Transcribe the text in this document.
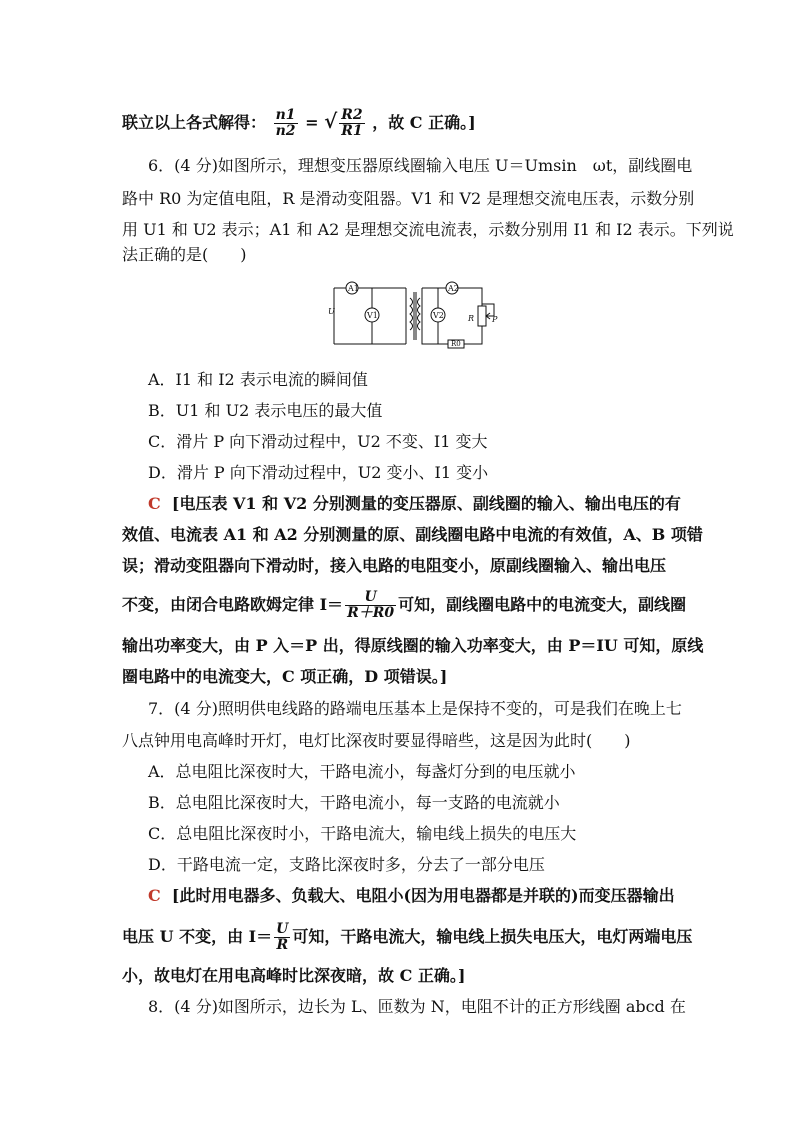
联立以上各式解得： $\frac{n1}{n2}$ = √ $\frac{R2}{R1}$ ，故 C 正确。]
6．(4 分)如图所示，理想变压器原线圈输入电压 U＝Umsin　ωt，副线圈电
路中 R0 为定值电阻，R 是滑动变阻器。V1 和 V2 是理想交流电压表，示数分别
用 U1 和 U2 表示；A1 和 A2 是理想交流电流表，示数分别用 I1 和 I2 表示。下列说
法正确的是(　　)
A1
V1
A2
V2
U
R P
R0
A．I1 和 I2 表示电流的瞬间值
B．U1 和 U2 表示电压的最大值
C．滑片 P 向下滑动过程中，U2 不变、I1 变大
D．滑片 P 向下滑动过程中，U2 变小、I1 变小
C [电压表 V1 和 V2 分别测量的变压器原、副线圈的输入、输出电压的有
效值、电流表 A1 和 A2 分别测量的原、副线圈电路中电流的有效值，A、B 项错
误；滑动变阻器向下滑动时，接入电路的电阻变小，原副线圈输入、输出电压
不变，由闭合电路欧姆定律 $I= \frac{U}{R+R0}$ 可知，副线圈电路中的电流变大，副线圈
输出功率变大，由 P 入＝P 出，得原线圈的输入功率变大，由 P＝IU 可知，原线
圈电路中的电流变大，C 项正确，D 项错误。]
7．(4 分)照明供电线路的路端电压基本上是保持不变的，可是我们在晚上七
八点钟用电高峰时开灯，电灯比深夜时要显得暗些，这是因为此时(　　)
A．总电阻比深夜时大，干路电流小，每盏灯分到的电压就小
B．总电阻比深夜时大，干路电流小，每一支路的电流就小
C．总电阻比深夜时小，干路电流大，输电线上损失的电压大
D．干路电流一定，支路比深夜时多，分去了一部分电压
C [此时用电器多、负载大、电阻小(因为用电器都是并联的)而变压器输出
电压 U 不变，由 $I= \frac{U}{R}$ 可知，干路电流大，输电线上损失电压大，电灯两端电压
小，故电灯在用电高峰时比深夜暗，故 C 正确。]
8．(4 分)如图所示，边长为 L、匝数为 N，电阻不计的正方形线圈 abcd 在
